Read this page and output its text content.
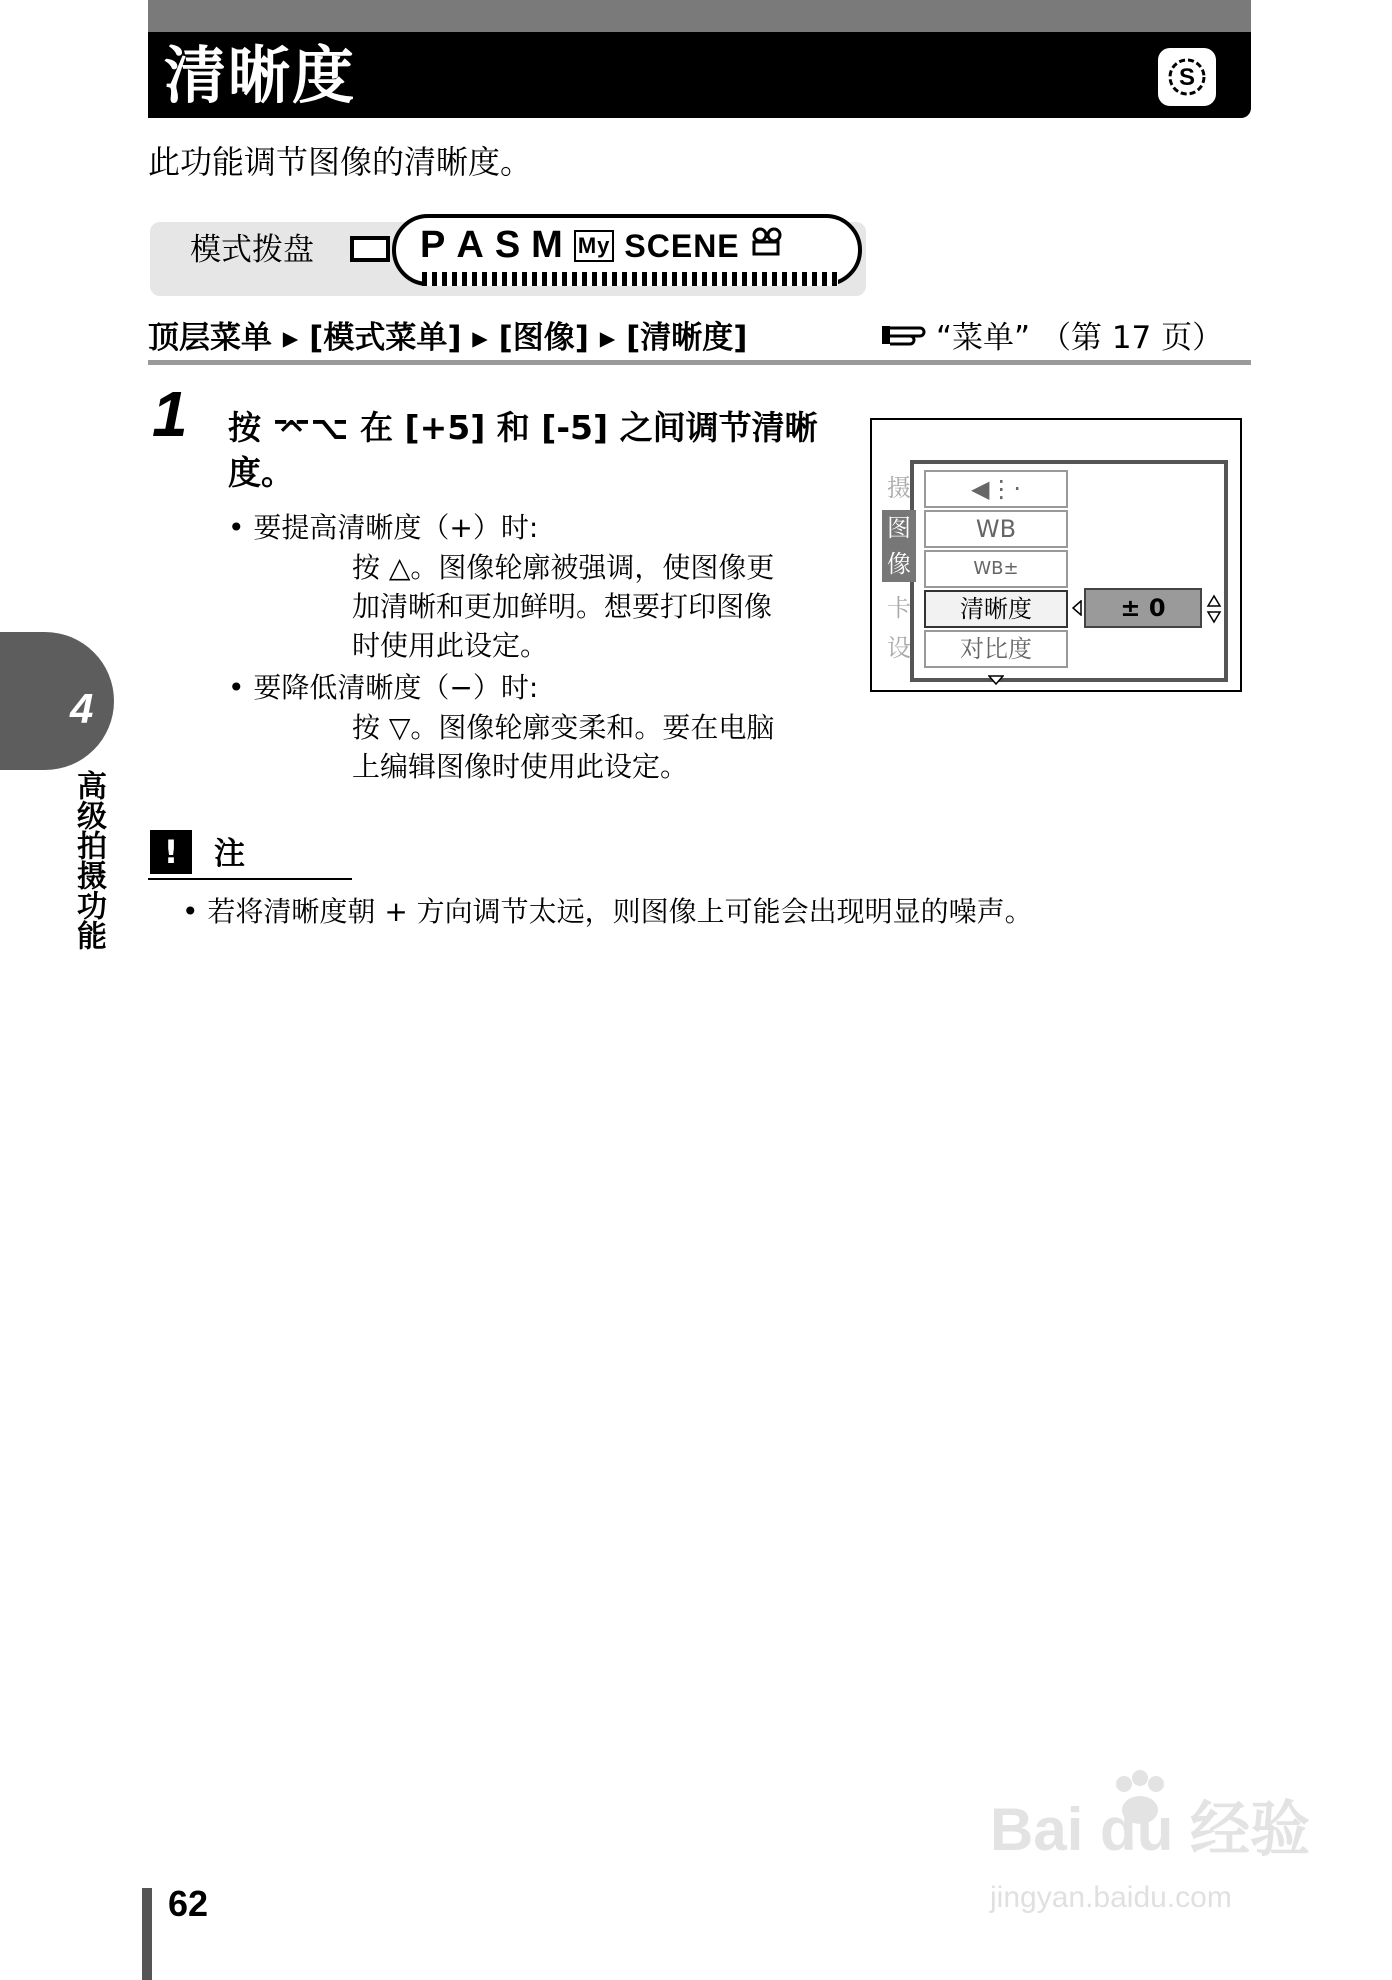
清晰度	S
此功能调节图像的清晰度。
模式拨盘	P A S M My SCENE
顶层菜单 ▸ [模式菜单] ▸ [图像] ▸ [清晰度]	“菜单” （第 17 页）
1 按 ⌤⌥ 在 [+5] 和 [-5] 之间调节清晰度。
• 要提高清晰度（+）时:
按 △。图像轮廓被强调，使图像更加清晰和更加鲜明。想要打印图像时使用此设定。
• 要降低清晰度（−）时:
按 ▽。图像轮廓变柔和。要在电脑上编辑图像时使用此设定。
摄
图
像
卡
设
◀⋮·
WB
WB±
清晰度
对比度
± 0
4
高级拍摄功能	!	注
• 若将清晰度朝 + 方向调节太远，则图像上可能会出现明显的噪声。
62
Bai du 经验
jingyan.baidu.com
